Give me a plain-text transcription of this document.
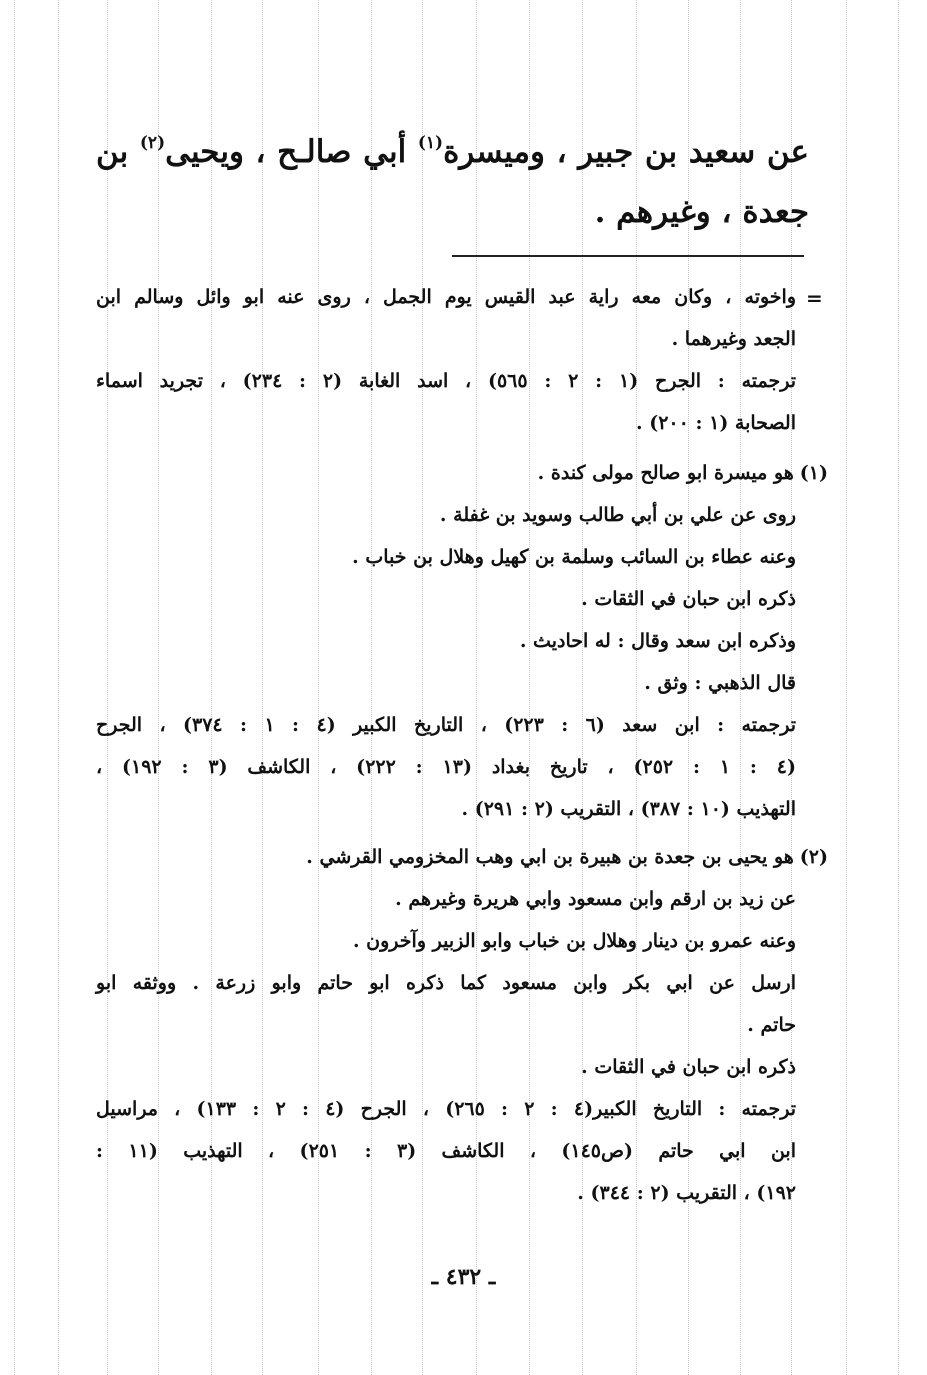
عن سعيد بن جبير ، وميسرة$^{(١)}$ أبي صالـح ، ويحيى$^{(٢)}$ بن
جعدة ، وغيرهم .
=
واخوته ، وكان معه راية عبد القيس يوم الجمل ، روى عنه ابو وائل وسالم ابن
الجعد وغيرهما .
ترجمته : الجرح (١ : ٢ : ٥٦٥) ، اسد الغابة (٢ : ٢٣٤) ، تجريد اسماء
الصحابة (١ : ٢٠٠) .
(١)هو ميسرة ابو صالح مولى كندة .
روى عن علي بن أبي طالب وسويد بن غفلة .
وعنه عطاء بن السائب وسلمة بن كهيل وهلال بن خباب .
ذكره ابن حبان في الثقات .
وذكره ابن سعد وقال : له احاديث .
قال الذهبي : وثق .
ترجمته : ابن سعد (٦ : ٢٢٣) ، التاريخ الكبير (٤ : ١ : ٣٧٤) ، الجرح
(٤ : ١ : ٢٥٢) ، تاريخ بغداد (١٣ : ٢٢٢) ، الكاشف (٣ : ١٩٢) ،
التهذيب (١٠ : ٣٨٧) ، التقريب (٢ : ٢٩١) .
(٢)هو يحيى بن جعدة بن هبيرة بن ابي وهب المخزومي القرشي .
عن زيد بن ارقم وابن مسعود وابي هريرة وغيرهم .
وعنه عمرو بن دينار وهلال بن خباب وابو الزبير وآخرون .
ارسل عن ابي بكر وابن مسعود كما ذكره ابو حاتم وابو زرعة . ووثقه ابو
حاتم .
ذكره ابن حبان في الثقات .
ترجمته : التاريخ الكبير(٤ : ٢ : ٢٦٥) ، الجرح (٤ : ٢ : ١٣٣) ، مراسيل
ابن ابي حاتم (ص١٤٥) ، الكاشف (٣ : ٢٥١) ، التهذيب (١١ :
١٩٢) ، التقريب (٢ : ٣٤٤) .
ـ ٤٣٢ ـ
